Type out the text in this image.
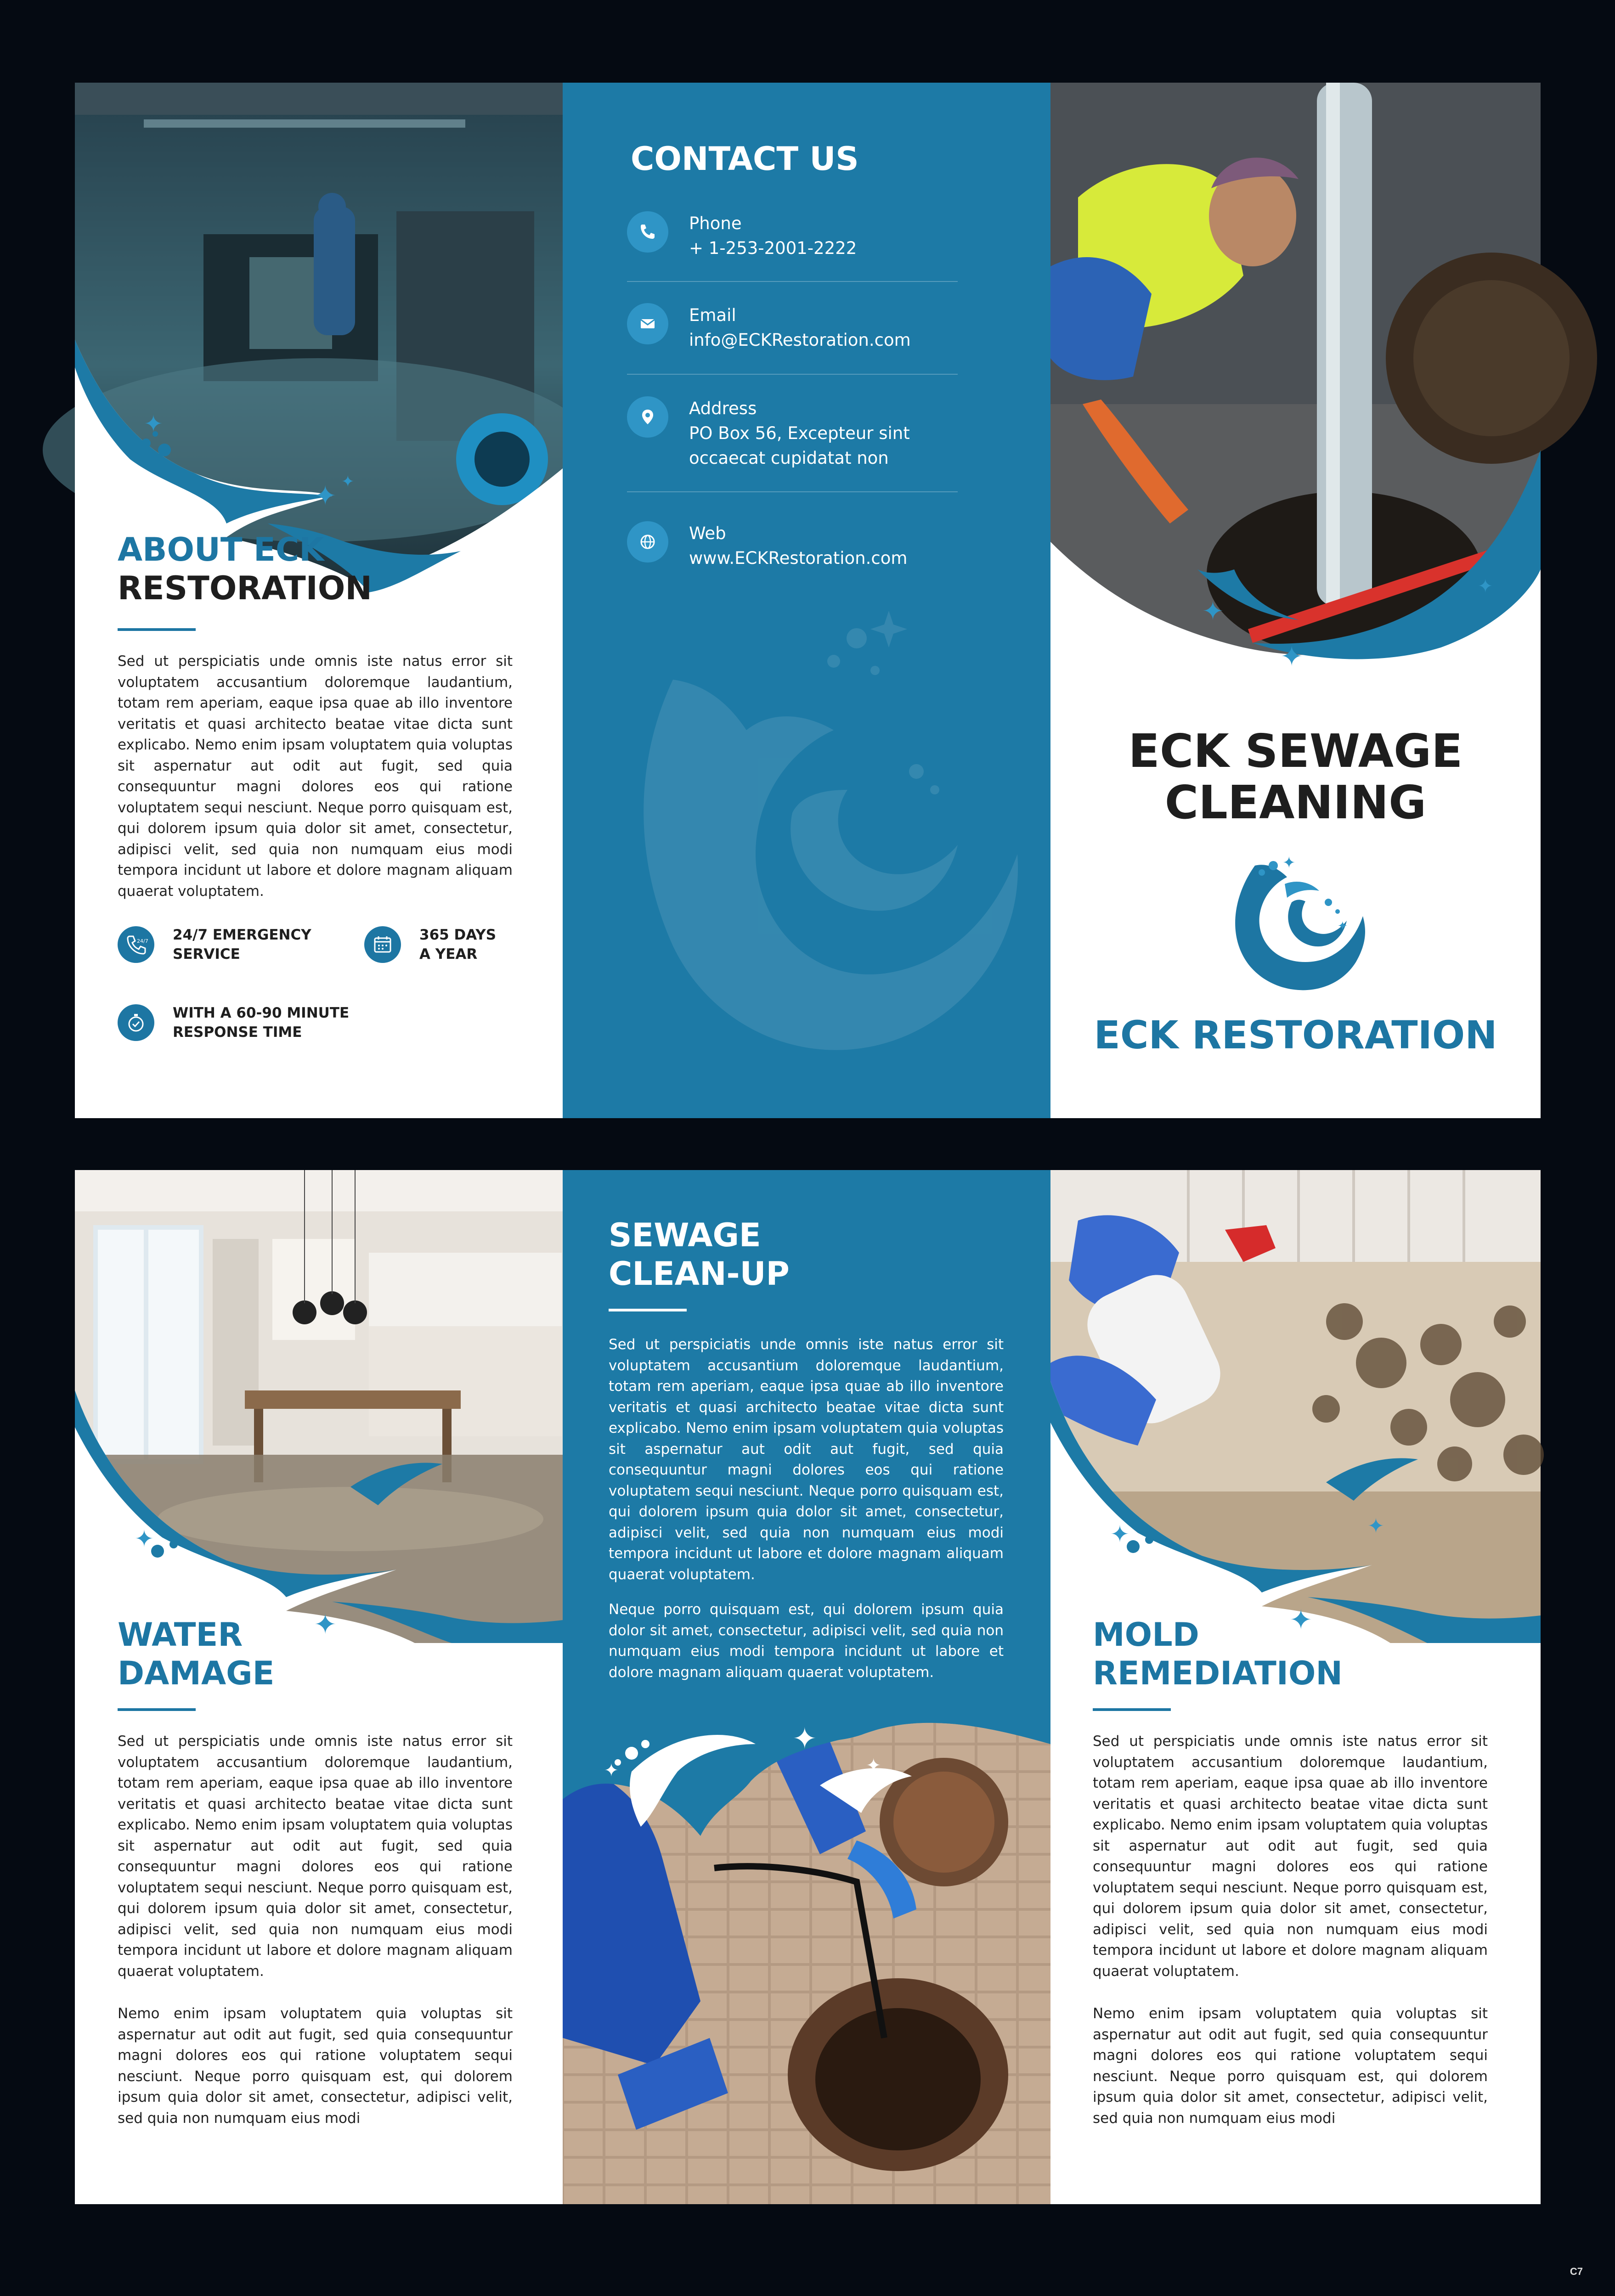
✦
✦ ✦
ABOUT ECK
RESTORATION
Sed ut perspiciatis unde omnis iste natus error sit voluptatem accusantium doloremque laudantium, totam rem aperiam, eaque ipsa quae ab illo inventore veritatis et quasi architecto beatae vitae dicta sunt explicabo. Nemo enim ipsam voluptatem quia voluptas sit aspernatur aut odit aut fugit, sed quia consequuntur magni dolores eos qui ratione voluptatem sequi nesciunt. Neque porro quisquam est, qui dolorem ipsum quia dolor sit amet, consectetur, adipisci velit, sed quia non numquam eius modi tempora incidunt ut labore et dolore magnam aliquam quaerat voluptatem.
24/7 24/7 EMERGENCY
SERVICE
365 DAYS
A YEAR
WITH A 60-90 MINUTE
RESPONSE TIME
CONTACT US
Phone
+ 1-253-2001-2222
Email
info@ECKRestoration.com
Address
PO Box 56, Excepteur sint
occaecat cupidatat non
Web
www.ECKRestoration.com
✦
✦
✦
ECK SEWAGE
CLEANING
✦
✦
ECK RESTORATION
✦
✦
WATER
DAMAGE
Sed ut perspiciatis unde omnis iste natus error sit voluptatem accusantium doloremque laudantium, totam rem aperiam, eaque ipsa quae ab illo inventore veritatis et quasi architecto beatae vitae dicta sunt explicabo. Nemo enim ipsam voluptatem quia voluptas sit aspernatur aut odit aut fugit, sed quia consequuntur magni dolores eos qui ratione voluptatem sequi nesciunt. Neque porro quisquam est, qui dolorem ipsum quia dolor sit amet, consectetur, adipisci velit, sed quia non numquam eius modi tempora incidunt ut labore et dolore magnam aliquam quaerat voluptatem.
Nemo enim ipsam voluptatem quia voluptas sit aspernatur aut odit aut fugit, sed quia consequuntur magni dolores eos qui ratione voluptatem sequi nesciunt. Neque porro quisquam est, qui dolorem ipsum quia dolor sit amet, consectetur, adipisci velit, sed quia non numquam eius modi
SEWAGE
CLEAN-UP
Sed ut perspiciatis unde omnis iste natus error sit voluptatem accusantium doloremque laudantium, totam rem aperiam, eaque ipsa quae ab illo inventore veritatis et quasi architecto beatae vitae dicta sunt explicabo. Nemo enim ipsam voluptatem quia voluptas sit aspernatur aut odit aut fugit, sed quia consequuntur magni dolores eos qui ratione voluptatem sequi nesciunt. Neque porro quisquam est, qui dolorem ipsum quia dolor sit amet, consectetur, adipisci velit, sed quia non numquam eius modi tempora incidunt ut labore et dolore magnam aliquam quaerat voluptatem.
Neque porro quisquam est, qui dolorem ipsum quia dolor sit amet, consectetur, adipisci velit, sed quia non numquam eius modi tempora incidunt ut labore et dolore magnam aliquam quaerat voluptatem.
✦
✦
✦
✦
✦
✦
MOLD
REMEDIATION
Sed ut perspiciatis unde omnis iste natus error sit voluptatem accusantium doloremque laudantium, totam rem aperiam, eaque ipsa quae ab illo inventore veritatis et quasi architecto beatae vitae dicta sunt explicabo. Nemo enim ipsam voluptatem quia voluptas sit aspernatur aut odit aut fugit, sed quia consequuntur magni dolores eos qui ratione voluptatem sequi nesciunt. Neque porro quisquam est, qui dolorem ipsum quia dolor sit amet, consectetur, adipisci velit, sed quia non numquam eius modi tempora incidunt ut labore et dolore magnam aliquam quaerat voluptatem.
Nemo enim ipsam voluptatem quia voluptas sit aspernatur aut odit aut fugit, sed quia consequuntur magni dolores eos qui ratione voluptatem sequi nesciunt. Neque porro quisquam est, qui dolorem ipsum quia dolor sit amet, consectetur, adipisci velit, sed quia non numquam eius modi
C7
